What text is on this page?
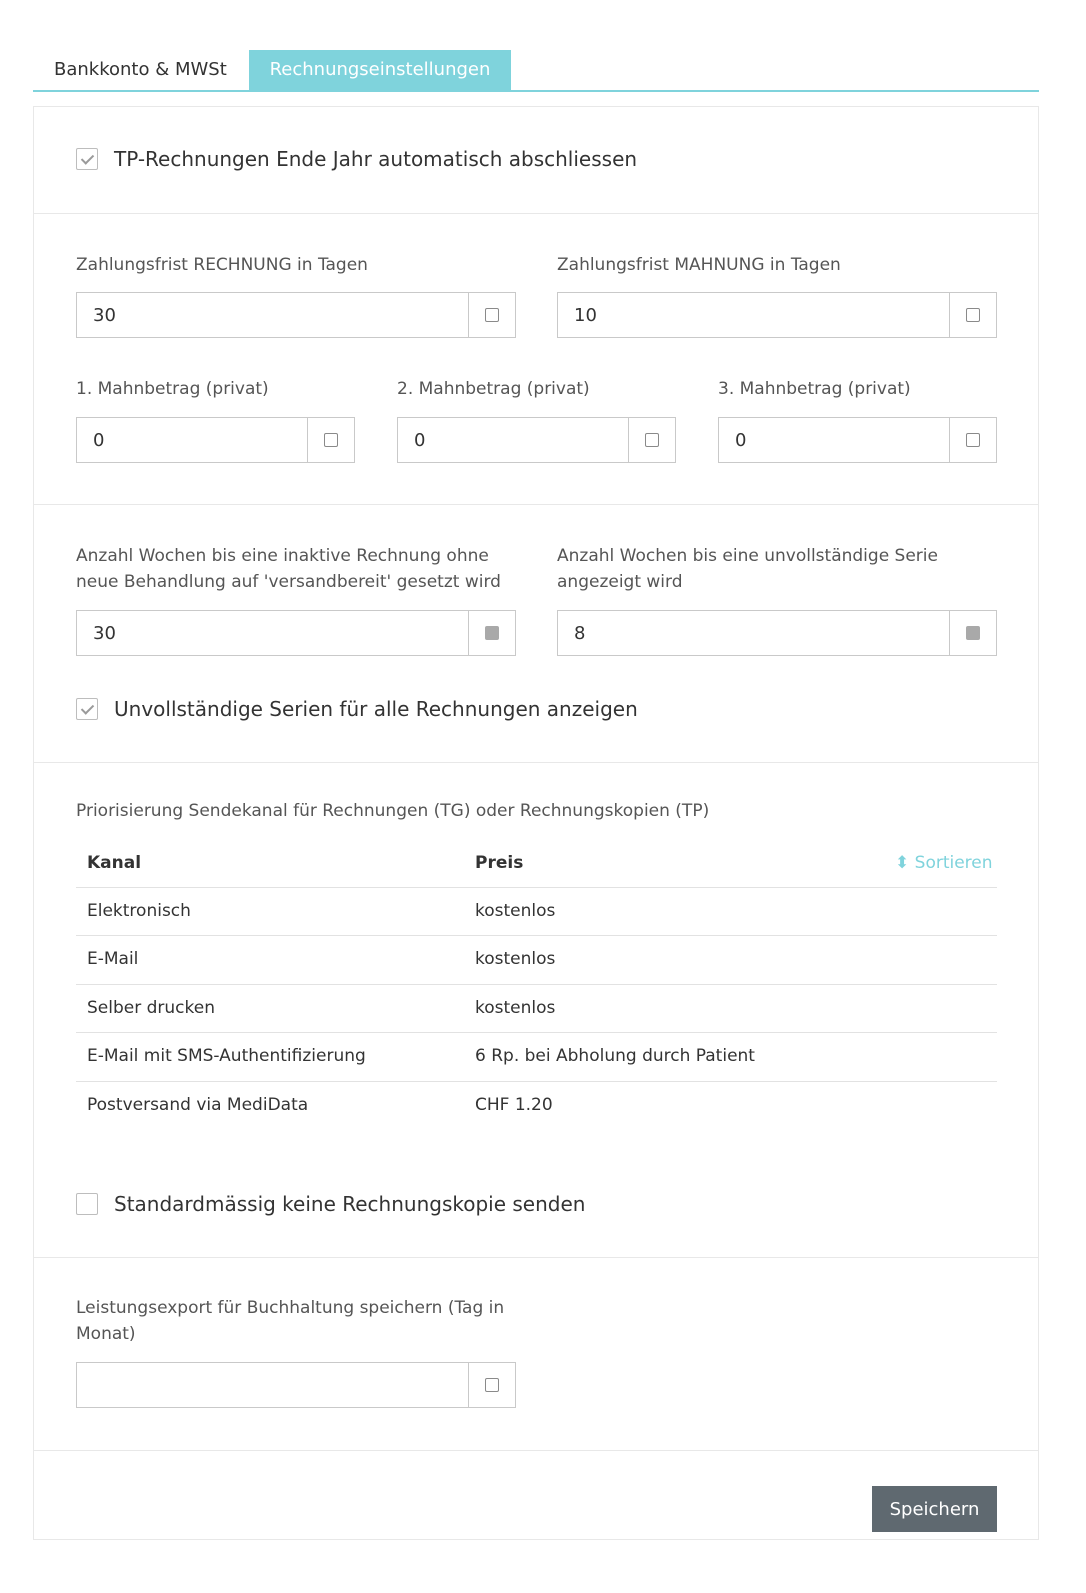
Bankkonto & MWSt	Rechnungseinstellungen
TP-Rechnungen Ende Jahr automatisch abschliessen
Zahlungsfrist RECHNUNG in Tagen
30	Zahlungsfrist MAHNUNG in Tagen
10
1. Mahnbetrag (privat)
0	2. Mahnbetrag (privat)
0	3. Mahnbetrag (privat)
0
Anzahl Wochen bis eine inaktive Rechnung ohne
neue Behandlung auf 'versandbereit' gesetzt wird
30
Anzahl Wochen bis eine unvollständige Serie
angezeigt wird
8
Unvollständige Serien für alle Rechnungen anzeigen
Priorisierung Sendekanal für Rechnungen (TG) oder Rechnungskopien (TP)
Kanal	Preis	⬍ Sortieren
Elektronisch	kostenlos
E-Mail	kostenlos
Selber drucken	kostenlos
E-Mail mit SMS-Authentifizierung	6 Rp. bei Abholung durch Patient
Postversand via MediData	CHF 1.20
Standardmässig keine Rechnungskopie senden
Leistungsexport für Buchhaltung speichern (Tag in
Monat)
Speichern
